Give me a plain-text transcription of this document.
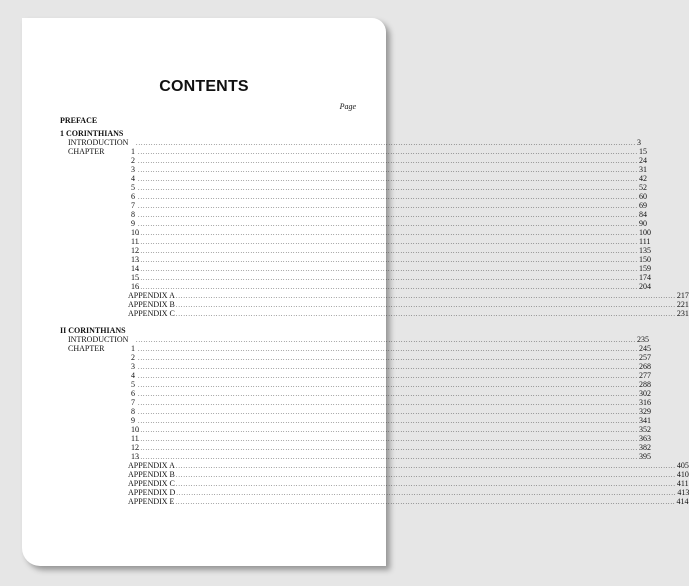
CONTENTS
Page
PREFACE
1 CORINTHIANS
INTRODUCTION ........................................................................................................................................................................................................ 3
CHAPTER	1 ........................................................................................................................................................................................................ 15
2 ........................................................................................................................................................................................................ 24
3 ........................................................................................................................................................................................................ 31
4 ........................................................................................................................................................................................................ 42
5 ........................................................................................................................................................................................................ 52
6 ........................................................................................................................................................................................................ 60
7 ........................................................................................................................................................................................................ 69
8 ........................................................................................................................................................................................................ 84
9 ........................................................................................................................................................................................................ 90
10 ........................................................................................................................................................................................................ 100
11 ........................................................................................................................................................................................................ 111
12 ........................................................................................................................................................................................................ 135
13 ........................................................................................................................................................................................................ 150
14 ........................................................................................................................................................................................................ 159
15 ........................................................................................................................................................................................................ 174
16 ........................................................................................................................................................................................................ 204
APPENDIX A ........................................................................................................................................................................................................ 217
APPENDIX B ........................................................................................................................................................................................................ 221
APPENDIX C ........................................................................................................................................................................................................ 231
II CORINTHIANS
INTRODUCTION ........................................................................................................................................................................................................ 235
CHAPTER	1 ........................................................................................................................................................................................................ 245
2 ........................................................................................................................................................................................................ 257
3 ........................................................................................................................................................................................................ 268
4 ........................................................................................................................................................................................................ 277
5 ........................................................................................................................................................................................................ 288
6 ........................................................................................................................................................................................................ 302
7 ........................................................................................................................................................................................................ 316
8 ........................................................................................................................................................................................................ 329
9 ........................................................................................................................................................................................................ 341
10 ........................................................................................................................................................................................................ 352
11 ........................................................................................................................................................................................................ 363
12 ........................................................................................................................................................................................................ 382
13 ........................................................................................................................................................................................................ 395
APPENDIX A ........................................................................................................................................................................................................ 405
APPENDIX B ........................................................................................................................................................................................................ 410
APPENDIX C ........................................................................................................................................................................................................ 411
APPENDIX D ........................................................................................................................................................................................................ 413
APPENDIX E ........................................................................................................................................................................................................ 414
